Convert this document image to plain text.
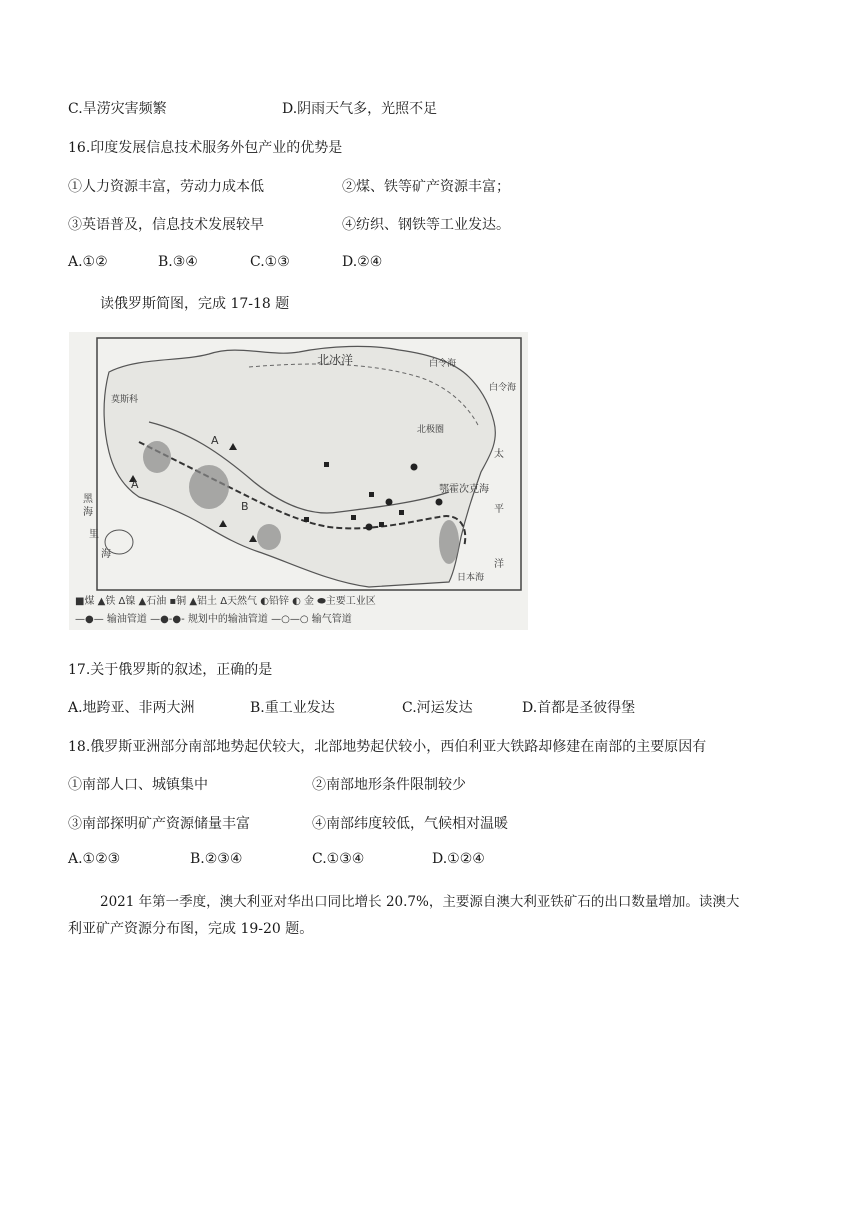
C.旱涝灾害频繁	D.阴雨天气多，光照不足
16.印度发展信息技术服务外包产业的优势是
①人力资源丰富，劳动力成本低	②煤、铁等矿产资源丰富；
③英语普及，信息技术发展较早	④纺织、钢铁等工业发达。
A.①②	B.③④	C.①③	D.②④
读俄罗斯简图，完成 17-18 题
北冰洋	白令海
白令海
北极圈
鄂霍次克海
太
平
洋
黑
海
里
海
日本海
莫斯科
A
A
B
■煤 ▲铁 Δ镍 ▲石油 ▪铜 ▲铝土 Δ天然气 ◐铅锌 ◐ 金 ⬬主要工业区
—●— 输油管道 —●-●- 规划中的输油管道 —○—○ 输气管道
17.关于俄罗斯的叙述，正确的是
A.地跨亚、非两大洲	B.重工业发达	C.河运发达	D.首都是圣彼得堡
18.俄罗斯亚洲部分南部地势起伏较大，北部地势起伏较小，西伯利亚大铁路却修建在南部的主要原因有
①南部人口、城镇集中	②南部地形条件限制较少
③南部探明矿产资源储量丰富	④南部纬度较低，气候相对温暖
A.①②③	B.②③④	C.①③④	D.①②④
2021 年第一季度，澳大利亚对华出口同比增长 20.7%，主要源自澳大利亚铁矿石的出口数量增加。读澳大
利亚矿产资源分布图，完成 19-20 题。
